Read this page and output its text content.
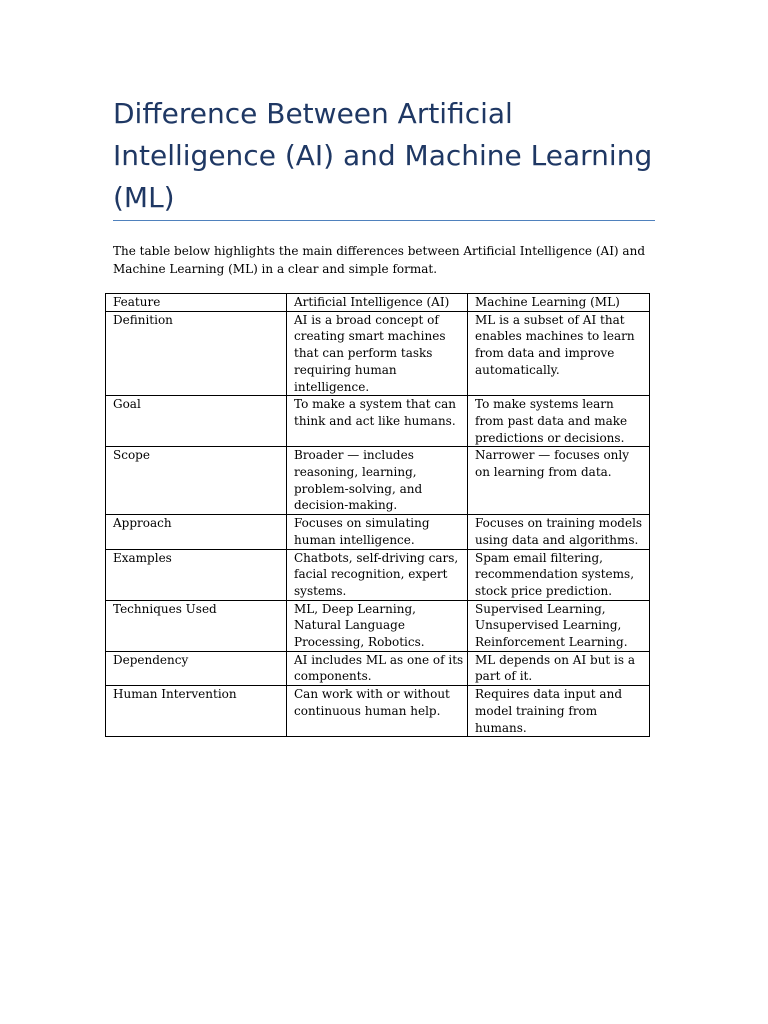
Difference Between Artificial Intelligence (AI) and Machine Learning (ML)

The table below highlights the main differences between Artificial Intelligence (AI) and Machine Learning (ML) in a clear and simple format.

Feature	Artificial Intelligence (AI)	Machine Learning (ML)
Definition	AI is a broad concept of creating smart machines that can perform tasks requiring human intelligence.	ML is a subset of AI that enables machines to learn from data and improve automatically.
Goal	To make a system that can think and act like humans.	To make systems learn from past data and make predictions or decisions.
Scope	Broader — includes reasoning, learning, problem-solving, and decision-making.	Narrower — focuses only on learning from data.
Approach	Focuses on simulating human intelligence.	Focuses on training models using data and algorithms.
Examples	Chatbots, self-driving cars, facial recognition, expert systems.	Spam email filtering, recommendation systems, stock price prediction.
Techniques Used	ML, Deep Learning, Natural Language Processing, Robotics.	Supervised Learning, Unsupervised Learning, Reinforcement Learning.
Dependency	AI includes ML as one of its components.	ML depends on AI but is a part of it.
Human Intervention	Can work with or without continuous human help.	Requires data input and model training from humans.
